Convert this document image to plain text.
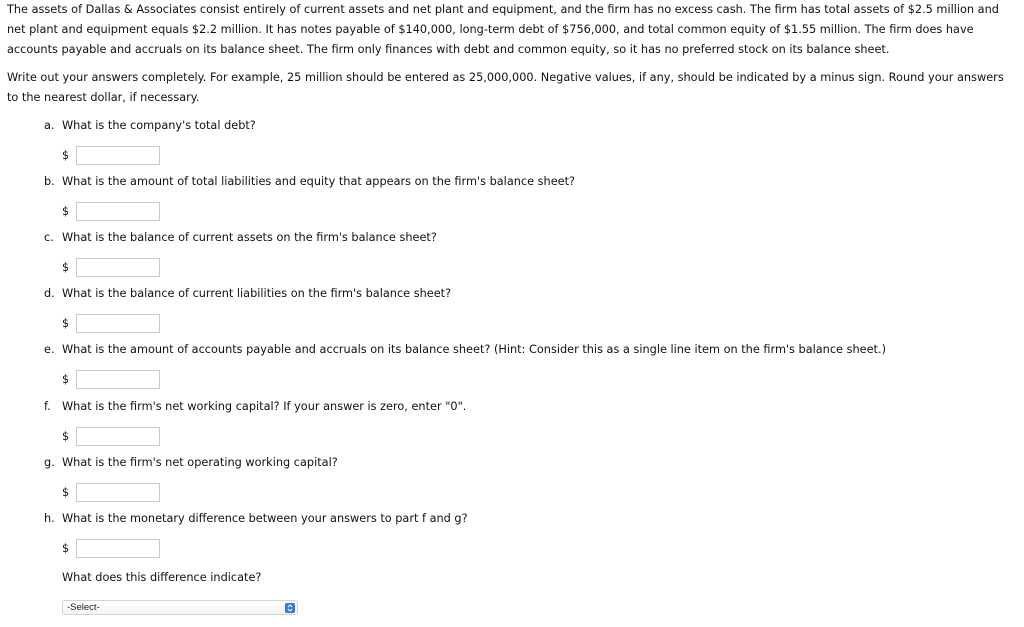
The assets of Dallas & Associates consist entirely of current assets and net plant and equipment, and the firm has no excess cash. The firm has total assets of $2.5 million and net plant and equipment equals $2.2 million. It has notes payable of $140,000, long-term debt of $756,000, and total common equity of $1.55 million. The firm does have accounts payable and accruals on its balance sheet. The firm only finances with debt and common equity, so it has no preferred stock on its balance sheet.

Write out your answers completely. For example, 25 million should be entered as 25,000,000. Negative values, if any, should be indicated by a minus sign. Round your answers to the nearest dollar, if necessary.

a. What is the company's total debt?
$
b. What is the amount of total liabilities and equity that appears on the firm's balance sheet?
$
c. What is the balance of current assets on the firm's balance sheet?
$
d. What is the balance of current liabilities on the firm's balance sheet?
$
e. What is the amount of accounts payable and accruals on its balance sheet? (Hint: Consider this as a single line item on the firm's balance sheet.)
$
f. What is the firm's net working capital? If your answer is zero, enter "0".
$
g. What is the firm's net operating working capital?
$
h. What is the monetary difference between your answers to part f and g?
$
What does this difference indicate?
-Select-
